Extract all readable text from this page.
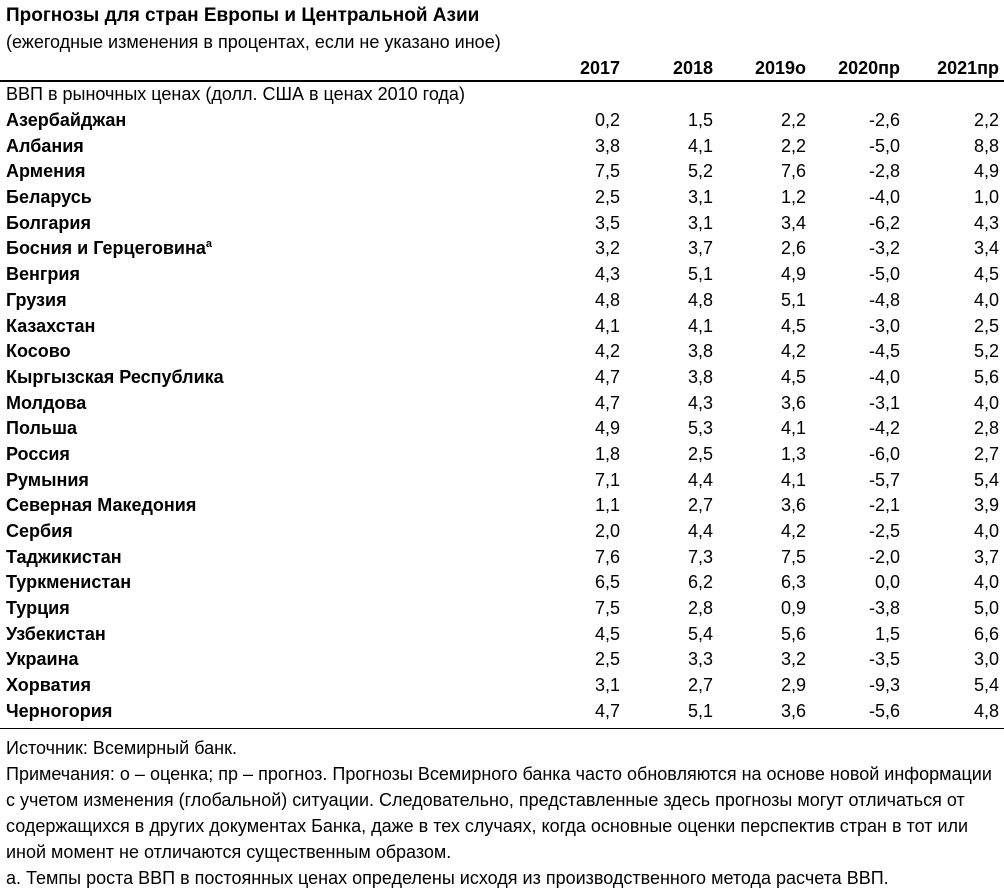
Прогнозы для стран Европы и Центральной Азии
(ежегодные изменения в процентах, если не указано иное)
2017	2018	2019о	2020пр	2021пр
ВВП в рыночных ценах (долл. США в ценах 2010 года)
Азербайджан	0,2	1,5	2,2	-2,6	2,2
Албания	3,8	4,1	2,2	-5,0	8,8
Армения	7,5	5,2	7,6	-2,8	4,9
Беларусь	2,5	3,1	1,2	-4,0	1,0
Болгария	3,5	3,1	3,4	-6,2	4,3
Босния и Герцеговина$^а$	3,2	3,7	2,6	-3,2	3,4
Венгрия	4,3	5,1	4,9	-5,0	4,5
Грузия	4,8	4,8	5,1	-4,8	4,0
Казахстан	4,1	4,1	4,5	-3,0	2,5
Косово	4,2	3,8	4,2	-4,5	5,2
Кыргызская Республика	4,7	3,8	4,5	-4,0	5,6
Молдова	4,7	4,3	3,6	-3,1	4,0
Польша	4,9	5,3	4,1	-4,2	2,8
Россия	1,8	2,5	1,3	-6,0	2,7
Румыния	7,1	4,4	4,1	-5,7	5,4
Северная Македония	1,1	2,7	3,6	-2,1	3,9
Сербия	2,0	4,4	4,2	-2,5	4,0
Таджикистан	7,6	7,3	7,5	-2,0	3,7
Туркменистан	6,5	6,2	6,3	0,0	4,0
Турция	7,5	2,8	0,9	-3,8	5,0
Узбекистан	4,5	5,4	5,6	1,5	6,6
Украина	2,5	3,3	3,2	-3,5	3,0
Хорватия	3,1	2,7	2,9	-9,3	5,4
Черногория	4,7	5,1	3,6	-5,6	4,8

Источник: Всемирный банк.

Примечания: о – оценка; пр – прогноз. Прогнозы Всемирного банка часто обновляются на основе новой информации с учетом изменения (глобальной) ситуации. Следовательно, представленные здесь прогнозы могут отличаться от содержащихся в других документах Банка, даже в тех случаях, когда основные оценки перспектив стран в тот или иной момент не отличаются существенным образом.

а. Темпы роста ВВП в постоянных ценах определены исходя из производственного метода расчета ВВП.
